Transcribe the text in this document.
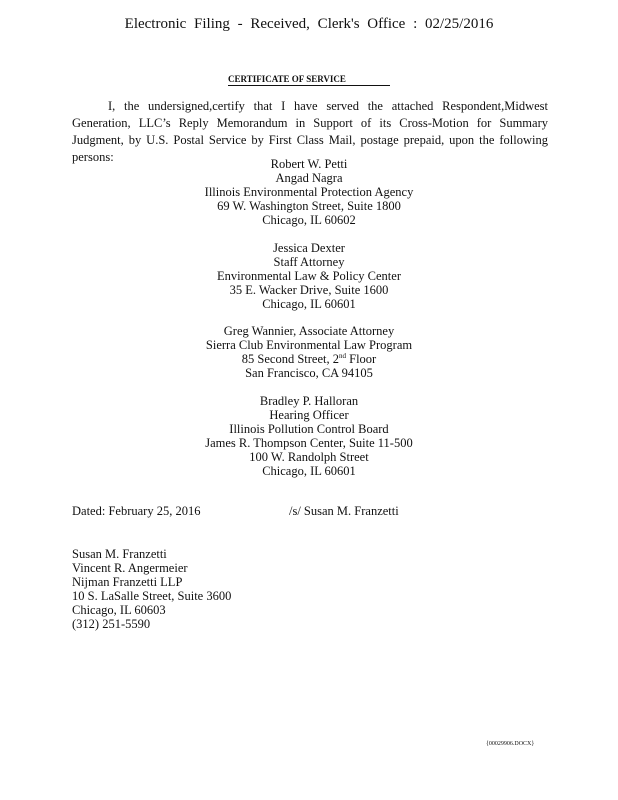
Electronic Filing - Received, Clerk's Office : 02/25/2016
CERTIFICATE OF SERVICE
I, the undersigned,certify that I have served the attached Respondent,Midwest Generation, LLC’s Reply Memorandum in Support of its Cross-Motion for Summary Judgment, by U.S. Postal Service by First Class Mail, postage prepaid, upon the following persons:	Robert W. Petti
Angad Nagra
Illinois Environmental Protection Agency
69 W. Washington Street, Suite 1800
Chicago, IL 60602
Jessica Dexter
Staff Attorney
Environmental Law & Policy Center
35 E. Wacker Drive, Suite 1600
Chicago, IL 60601
Greg Wannier, Associate Attorney
Sierra Club Environmental Law Program
85 Second Street, 2nd Floor
San Francisco, CA 94105
Bradley P. Halloran
Hearing Officer
Illinois Pollution Control Board
James R. Thompson Center, Suite 11-500
100 W. Randolph Street
Chicago, IL 60601
Dated: February 25, 2016	/s/ Susan M. Franzetti
Susan M. Franzetti
Vincent R. Angermeier
Nijman Franzetti LLP
10 S. LaSalle Street, Suite 3600
Chicago, IL 60603
(312) 251-5590
{00029906.DOCX}
